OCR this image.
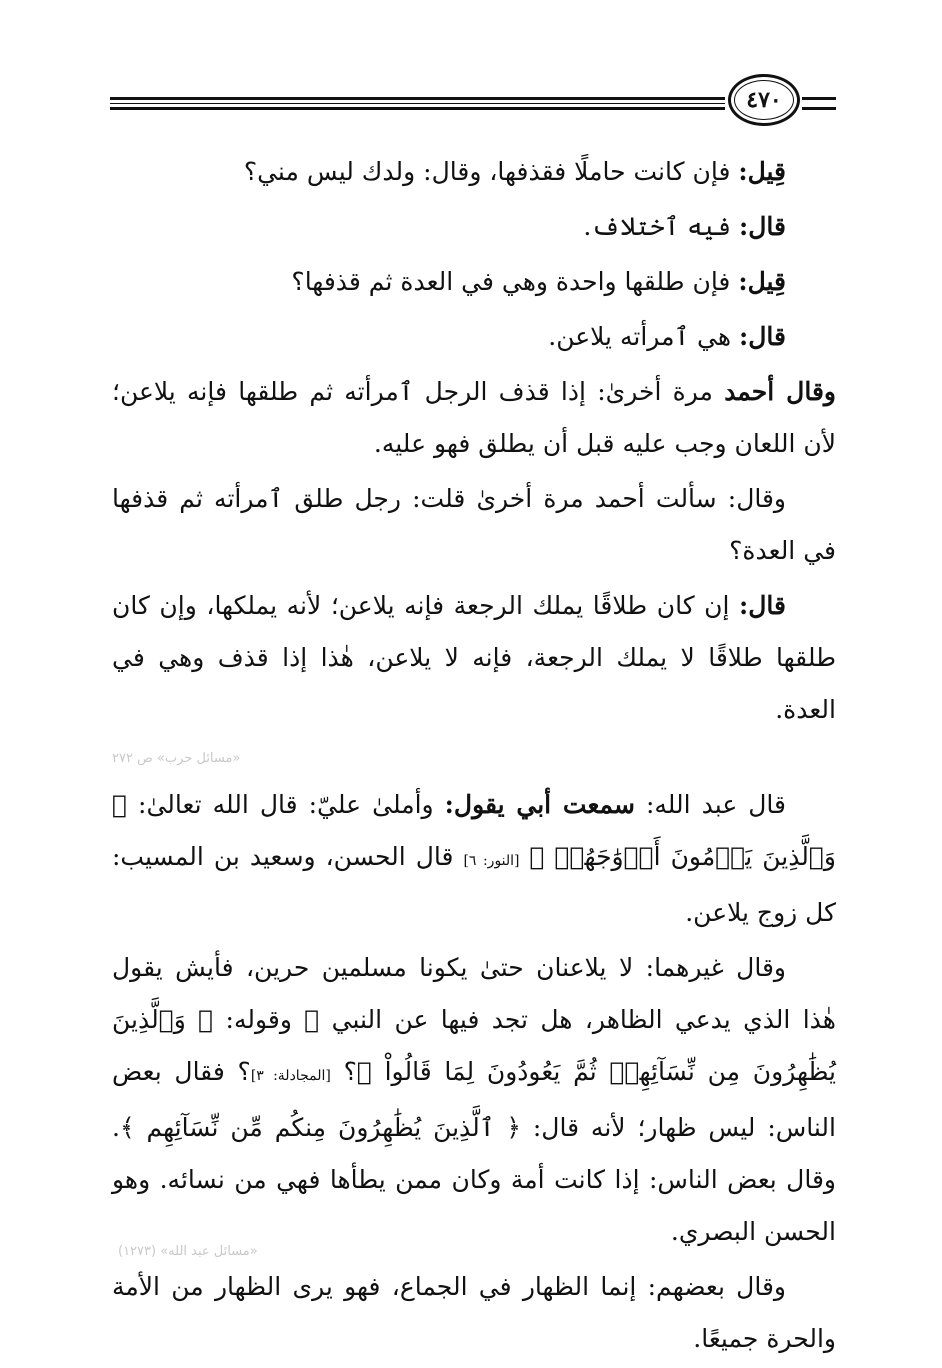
٤٧٠

قِيل: فإن كانت حاملًا فقذفها، وقال: ولدك ليس مني؟

قال: فيه ٱختلاف.

قِيل: فإن طلقها واحدة وهي في العدة ثم قذفها؟

قال: هي ٱمرأته يلاعن.

وقال أحمد مرة أخرىٰ: إذا قذف الرجل ٱمرأته ثم طلقها فإنه يلاعن؛ لأن اللعان وجب عليه قبل أن يطلق فهو عليه.

وقال: سألت أحمد مرة أخرىٰ قلت: رجل طلق ٱمرأته ثم قذفها في العدة؟

قال: إن كان طلاقًا يملك الرجعة فإنه يلاعن؛ لأنه يملكها، وإن كان طلقها طلاقًا لا يملك الرجعة، فإنه لا يلاعن، هٰذا إذا قذف وهي في العدة.

«مسائل حرب» ص ٢٧٢

قال عبد الله: سمعت أبي يقول: وأملىٰ عليّ: قال الله تعالىٰ: ﴿ وَٱلَّذِينَ يَرۡمُونَ أَزۡوَٰجَهُمۡ ﴾ [النور: ٦] قال الحسن، وسعيد بن المسيب: كل زوج يلاعن.

وقال غيرهما: لا يلاعنان حتىٰ يكونا مسلمين حرين، فأيش يقول هٰذا الذي يدعي الظاهر، هل تجد فيها عن النبي ﷺ وقوله: ﴿ وَٱلَّذِينَ يُظَٰهِرُونَ مِن نِّسَآئِهِمۡ ثُمَّ يَعُودُونَ لِمَا قَالُواْ ﴾؟ [المجادلة: ٣]؟ فقال بعض الناس: ليس ظهار؛ لأنه قال: ﴿ ٱلَّذِينَ يُظَٰهِرُونَ مِنكُم مِّن نِّسَآئِهِم ﴾. وقال بعض الناس: إذا كانت أمة وكان ممن يطأها فهي من نسائه. وهو الحسن البصري.

وقال بعضهم: إنما الظهار في الجماع، فهو يرى الظهار من الأمة والحرة جميعًا.

«مسائل عبد الله» (١٢٧٣)
